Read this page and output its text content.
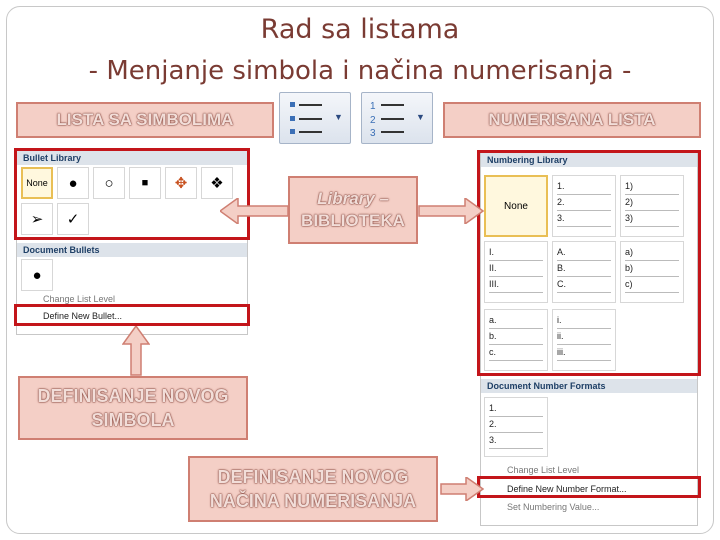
Rad sa listama
- Menjanje simbola i načina numerisanja -
LISTA SA SIMBOLIMA	NUMERISANA LISTA
▼
1
2
3
▼
Bullet Library
None	●	○	■	✥	❖
➢	✓
Document Bullets
●
Change List Level
Define New Bullet...
Numbering Library
None
1.
2.
3.
1)
2)
3)
I.
II.
III.
A.
B.
C.
a)
b)
c)
a.
b.
c.
i.
ii.
iii.
Document Number Formats
1.
2.
3.
Change List Level
Define New Number Format...
Set Numbering Value...
Library –
BIBLIOTEKA
DEFINISANJE NOVOG
SIMBOLA
DEFINISANJE NOVOG
NAČINA NUMERISANJA
